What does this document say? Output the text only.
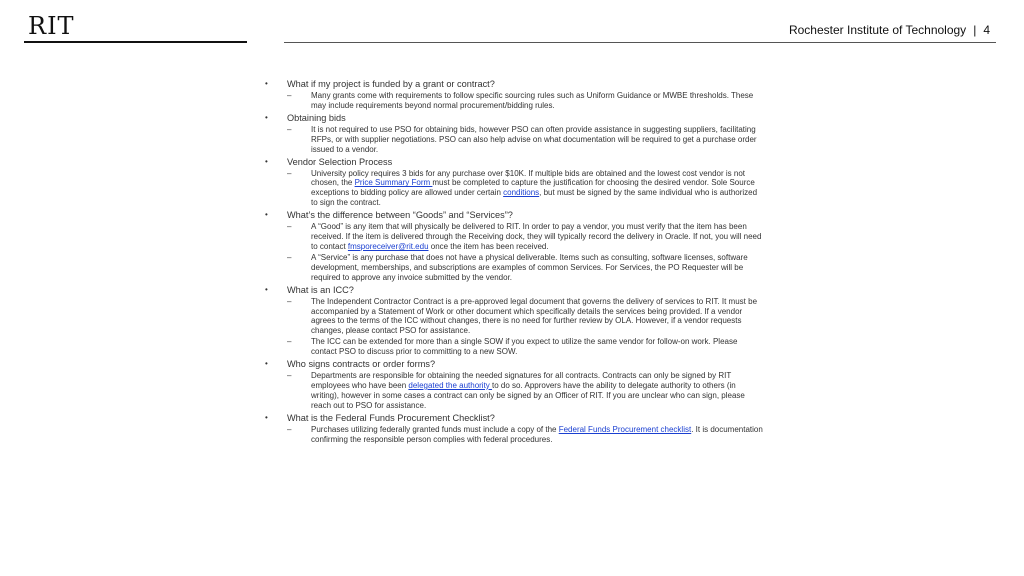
RIT	Rochester Institute of Technology | 4
•	What if my project is funded by a grant or contract?
–	Many grants come with requirements to follow specific sourcing rules such as Uniform Guidance or MWBE thresholds. These may include requirements beyond normal procurement/bidding rules.
•	Obtaining bids
–	It is not required to use PSO for obtaining bids, however PSO can often provide assistance in suggesting suppliers, facilitating RFPs, or with supplier negotiations. PSO can also help advise on what documentation will be required to get a purchase order issued to a vendor.
•	Vendor Selection Process
–	University policy requires 3 bids for any purchase over $10K. If multiple bids are obtained and the lowest cost vendor is not chosen, the Price Summary Form must be completed to capture the justification for choosing the desired vendor. Sole Source exceptions to bidding policy are allowed under certain conditions, but must be signed by the same individual who is authorized to sign the contract.
•	What’s the difference between “Goods” and “Services”?
–	A “Good” is any item that will physically be delivered to RIT. In order to pay a vendor, you must verify that the item has been received. If the item is delivered through the Receiving dock, they will typically record the delivery in Oracle. If not, you will need to contact fmsporeceiver@rit.edu once the item has been received.
–	A “Service” is any purchase that does not have a physical deliverable. Items such as consulting, software licenses, software development, memberships, and subscriptions are examples of common Services. For Services, the PO Requester will be required to approve any invoice submitted by the vendor.
•	What is an ICC?
–	The Independent Contractor Contract is a pre-approved legal document that governs the delivery of services to RIT. It must be accompanied by a Statement of Work or other document which specifically details the services being provided. If a vendor agrees to the terms of the ICC without changes, there is no need for further review by OLA. However, if a vendor requests changes, please contact PSO for assistance.
–	The ICC can be extended for more than a single SOW if you expect to utilize the same vendor for follow-on work. Please contact PSO to discuss prior to committing to a new SOW.
•	Who signs contracts or order forms?
–	Departments are responsible for obtaining the needed signatures for all contracts. Contracts can only be signed by RIT employees who have been delegated the authority to do so. Approvers have the ability to delegate authority to others (in writing), however in some cases a contract can only be signed by an Officer of RIT. If you are unclear who can sign, please reach out to PSO for assistance.
•	What is the Federal Funds Procurement Checklist?
–	Purchases utilizing federally granted funds must include a copy of the Federal Funds Procurement checklist. It is documentation confirming the responsible person complies with federal procedures.
